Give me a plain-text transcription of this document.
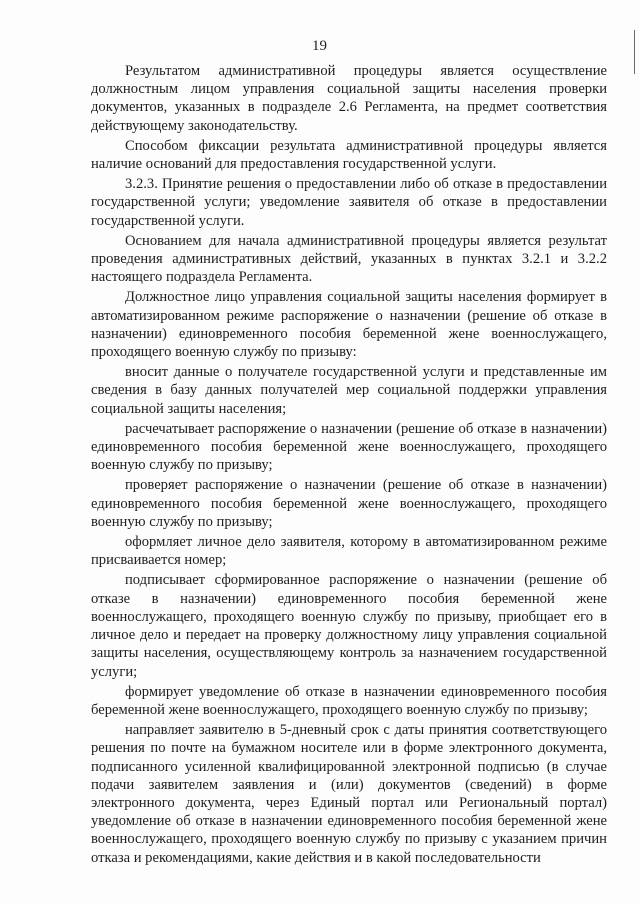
19

Результатом административной процедуры является осуществление должностным лицом управления социальной защиты населения проверки документов, указанных в подразделе 2.6 Регламента, на предмет соответствия действующему законодательству.

Способом фиксации результата административной процедуры является наличие оснований для предоставления государственной услуги.

3.2.3. Принятие решения о предоставлении либо об отказе в предоставлении государственной услуги; уведомление заявителя об отказе в предоставлении государственной услуги.

Основанием для начала административной процедуры является результат проведения административных действий, указанных в пунктах 3.2.1 и 3.2.2 настоящего подраздела Регламента.

Должностное лицо управления социальной защиты населения формирует в автоматизированном режиме распоряжение о назначении (решение об отказе в назначении) единовременного пособия беременной жене военнослужащего, проходящего военную службу по призыву:

вносит данные о получателе государственной услуги и представленные им сведения в базу данных получателей мер социальной поддержки управления социальной защиты населения;

расчечатывает распоряжение о назначении (решение об отказе в назначении) единовременного пособия беременной жене военнослужащего, проходящего военную службу по призыву;

проверяет распоряжение о назначении (решение об отказе в назначении) единовременного пособия беременной жене военнослужащего, проходящего военную службу по призыву;

оформляет личное дело заявителя, которому в автоматизированном режиме присваивается номер;

подписывает сформированное распоряжение о назначении (решение об отказе в назначении) единовременного пособия беременной жене военнослужащего, проходящего военную службу по призыву, приобщает его в личное дело и передает на проверку должностному лицу управления социальной защиты населения, осуществляющему контроль за назначением государственной услуги;

формирует уведомление об отказе в назначении единовременного пособия беременной жене военнослужащего, проходящего военную службу по призыву;

направляет заявителю в 5-дневный срок с даты принятия соответствующего решения по почте на бумажном носителе или в форме электронного документа, подписанного усиленной квалифицированной электронной подписью (в случае подачи заявителем заявления и (или) документов (сведений) в форме электронного документа, через Единый портал или Региональный портал) уведомление об отказе в назначении единовременного пособия беременной жене военнослужащего, проходящего военную службу по призыву с указанием причин отказа и рекомендациями, какие действия и в какой последовательности
